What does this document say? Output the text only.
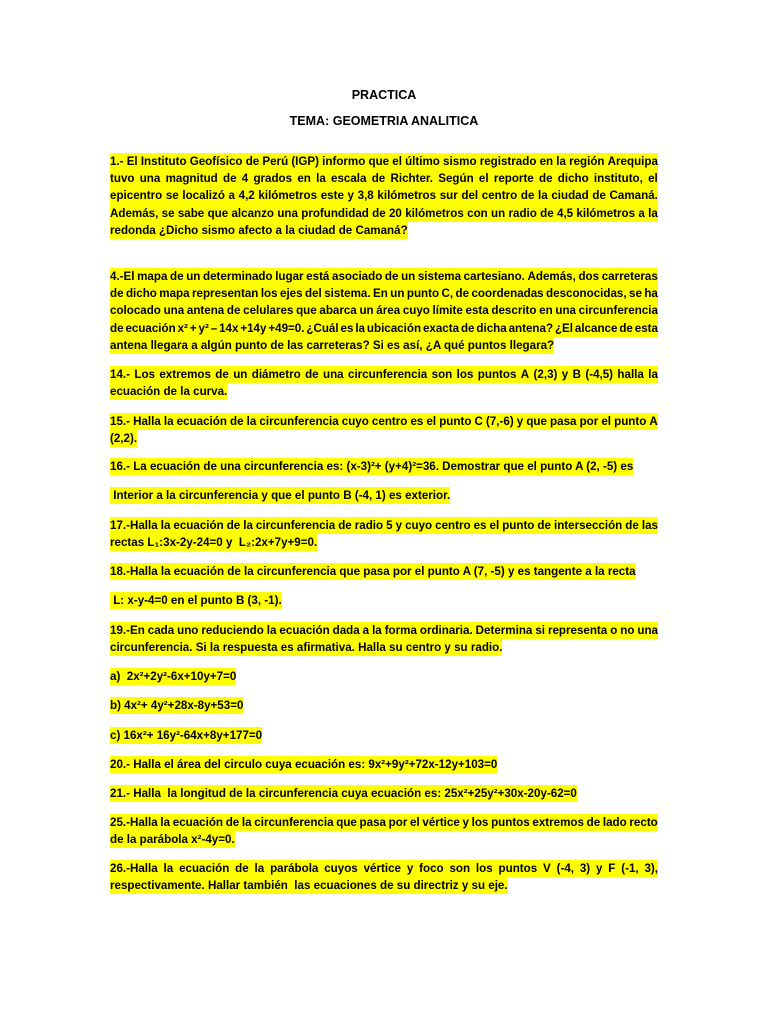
PRACTICA
TEMA: GEOMETRIA ANALITICA
1.- El Instituto Geofísico de Perú (IGP) informo que el último sismo registrado en la región Arequipa
tuvo una magnitud de 4 grados en la escala de Richter. Según el reporte de dicho instituto, el
epicentro se localizó a 4,2 kilómetros este y 3,8 kilómetros sur del centro de la ciudad de Camaná.
Además, se sabe que alcanzo una profundidad de 20 kilómetros con un radio de 4,5 kilómetros a la
redonda ¿Dicho sismo afecto a la ciudad de Camaná?
4.-El mapa de un determinado lugar está asociado de un sistema cartesiano. Además, dos carreteras
de dicho mapa representan los ejes del sistema. En un punto C, de coordenadas desconocidas, se ha
colocado una antena de celulares que abarca un área cuyo límite esta descrito en una circunferencia
de ecuación x² + y² – 14x +14y +49=0. ¿Cuál es la ubicación exacta de dicha antena? ¿El alcance de esta
antena llegara a algún punto de las carreteras? Si es así, ¿A qué puntos llegara?
14.- Los extremos de un diámetro de una circunferencia son los puntos A (2,3) y B (-4,5) halla la
ecuación de la curva.
15.- Halla la ecuación de la circunferencia cuyo centro es el punto C (7,-6) y que pasa por el punto A
(2,2).
16.- La ecuación de una circunferencia es: (x-3)²+ (y+4)²=36. Demostrar que el punto A (2, -5) es
Interior a la circunferencia y que el punto B (-4, 1) es exterior.
17.-Halla la ecuación de la circunferencia de radio 5 y cuyo centro es el punto de intersección de las
rectas L₁:3x-2y-24=0 y  L₂:2x+7y+9=0.
18.-Halla la ecuación de la circunferencia que pasa por el punto A (7, -5) y es tangente a la recta
L: x-y-4=0 en el punto B (3, -1).
19.-En cada uno reduciendo la ecuación dada a la forma ordinaria. Determina si representa o no una
circunferencia. Si la respuesta es afirmativa. Halla su centro y su radio.
a)  2x²+2y²-6x+10y+7=0
b) 4x²+ 4y²+28x-8y+53=0
c) 16x²+ 16y²-64x+8y+177=0
20.- Halla el área del circulo cuya ecuación es: 9x²+9y²+72x-12y+103=0
21.- Halla  la longitud de la circunferencia cuya ecuación es: 25x²+25y²+30x-20y-62=0
25.-Halla la ecuación de la circunferencia que pasa por el vértice y los puntos extremos de lado recto
de la parábola x²-4y=0.
26.-Halla la ecuación de la parábola cuyos vértice y foco son los puntos V (-4, 3) y F (-1, 3),
respectivamente. Hallar también  las ecuaciones de su directriz y su eje.
